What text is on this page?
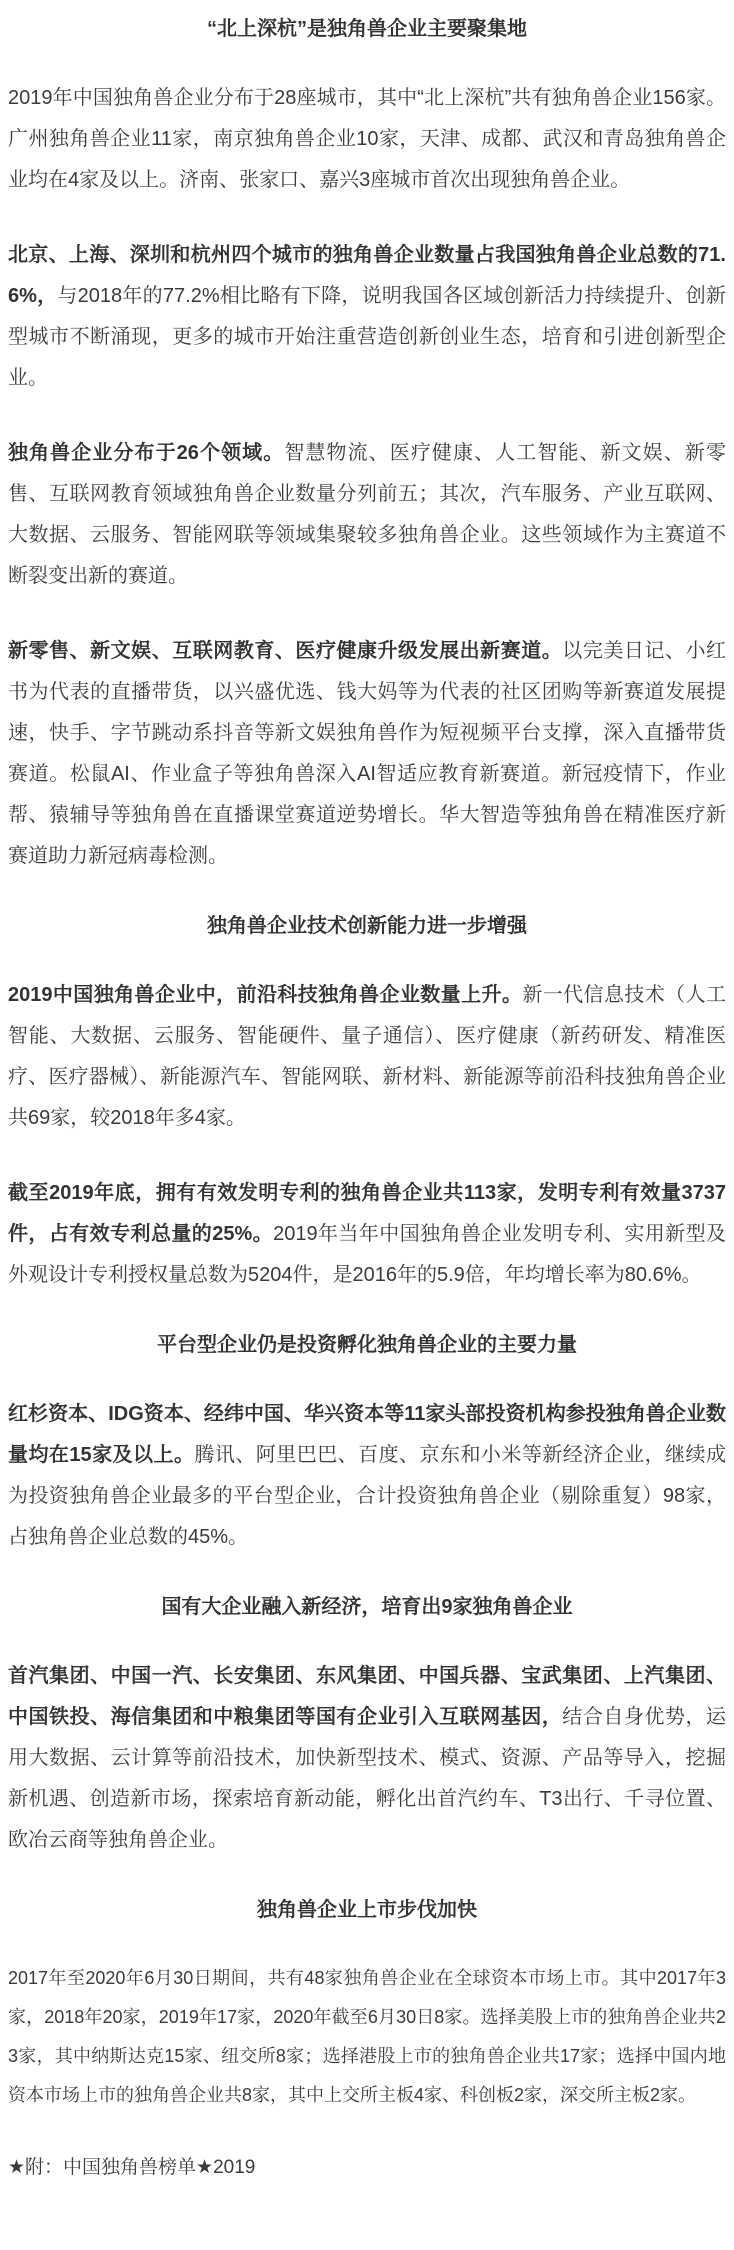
“北上深杭”是独角兽企业主要聚集地

2019年中国独角兽企业分布于28座城市，其中“北上深杭”共有独角兽企业156家。广州独角兽企业11家，南京独角兽企业10家，天津、成都、武汉和青岛独角兽企业均在4家及以上。济南、张家口、嘉兴3座城市首次出现独角兽企业。

北京、上海、深圳和杭州四个城市的独角兽企业数量占我国独角兽企业总数的71.6%，与2018年的77.2%相比略有下降，说明我国各区域创新活力持续提升、创新型城市不断涌现，更多的城市开始注重营造创新创业生态，培育和引进创新型企业。

独角兽企业分布于26个领域。智慧物流、医疗健康、人工智能、新文娱、新零售、互联网教育领域独角兽企业数量分列前五；其次，汽车服务、产业互联网、大数据、云服务、智能网联等领域集聚较多独角兽企业。这些领域作为主赛道不断裂变出新的赛道。

新零售、新文娱、互联网教育、医疗健康升级发展出新赛道。以完美日记、小红书为代表的直播带货，以兴盛优选、钱大妈等为代表的社区团购等新赛道发展提速，快手、字节跳动系抖音等新文娱独角兽作为短视频平台支撑，深入直播带货赛道。松鼠AI、作业盒子等独角兽深入AI智适应教育新赛道。新冠疫情下，作业帮、猿辅导等独角兽在直播课堂赛道逆势增长。华大智造等独角兽在精准医疗新赛道助力新冠病毒检测。

独角兽企业技术创新能力进一步增强

2019中国独角兽企业中，前沿科技独角兽企业数量上升。新一代信息技术（人工智能、大数据、云服务、智能硬件、量子通信）、医疗健康（新药研发、精准医疗、医疗器械）、新能源汽车、智能网联、新材料、新能源等前沿科技独角兽企业共69家，较2018年多4家。

截至2019年底，拥有有效发明专利的独角兽企业共113家，发明专利有效量3737件，占有效专利总量的25%。2019年当年中国独角兽企业发明专利、实用新型及外观设计专利授权量总数为5204件，是2016年的5.9倍，年均增长率为80.6%。

平台型企业仍是投资孵化独角兽企业的主要力量

红杉资本、IDG资本、经纬中国、华兴资本等11家头部投资机构参投独角兽企业数量均在15家及以上。腾讯、阿里巴巴、百度、京东和小米等新经济企业，继续成为投资独角兽企业最多的平台型企业，合计投资独角兽企业（剔除重复）98家，占独角兽企业总数的45%。

国有大企业融入新经济，培育出9家独角兽企业

首汽集团、中国一汽、长安集团、东风集团、中国兵器、宝武集团、上汽集团、中国铁投、海信集团和中粮集团等国有企业引入互联网基因，结合自身优势，运用大数据、云计算等前沿技术，加快新型技术、模式、资源、产品等导入，挖掘新机遇、创造新市场，探索培育新动能，孵化出首汽约车、T3出行、千寻位置、欧冶云商等独角兽企业。

独角兽企业上市步伐加快

2017年至2020年6月30日期间，共有48家独角兽企业在全球资本市场上市。其中2017年3家，2018年20家，2019年17家，2020年截至6月30日8家。选择美股上市的独角兽企业共23家，其中纳斯达克15家、纽交所8家；选择港股上市的独角兽企业共17家；选择中国内地资本市场上市的独角兽企业共8家，其中上交所主板4家、科创板2家，深交所主板2家。

★附：中国独角兽榜单★2019
